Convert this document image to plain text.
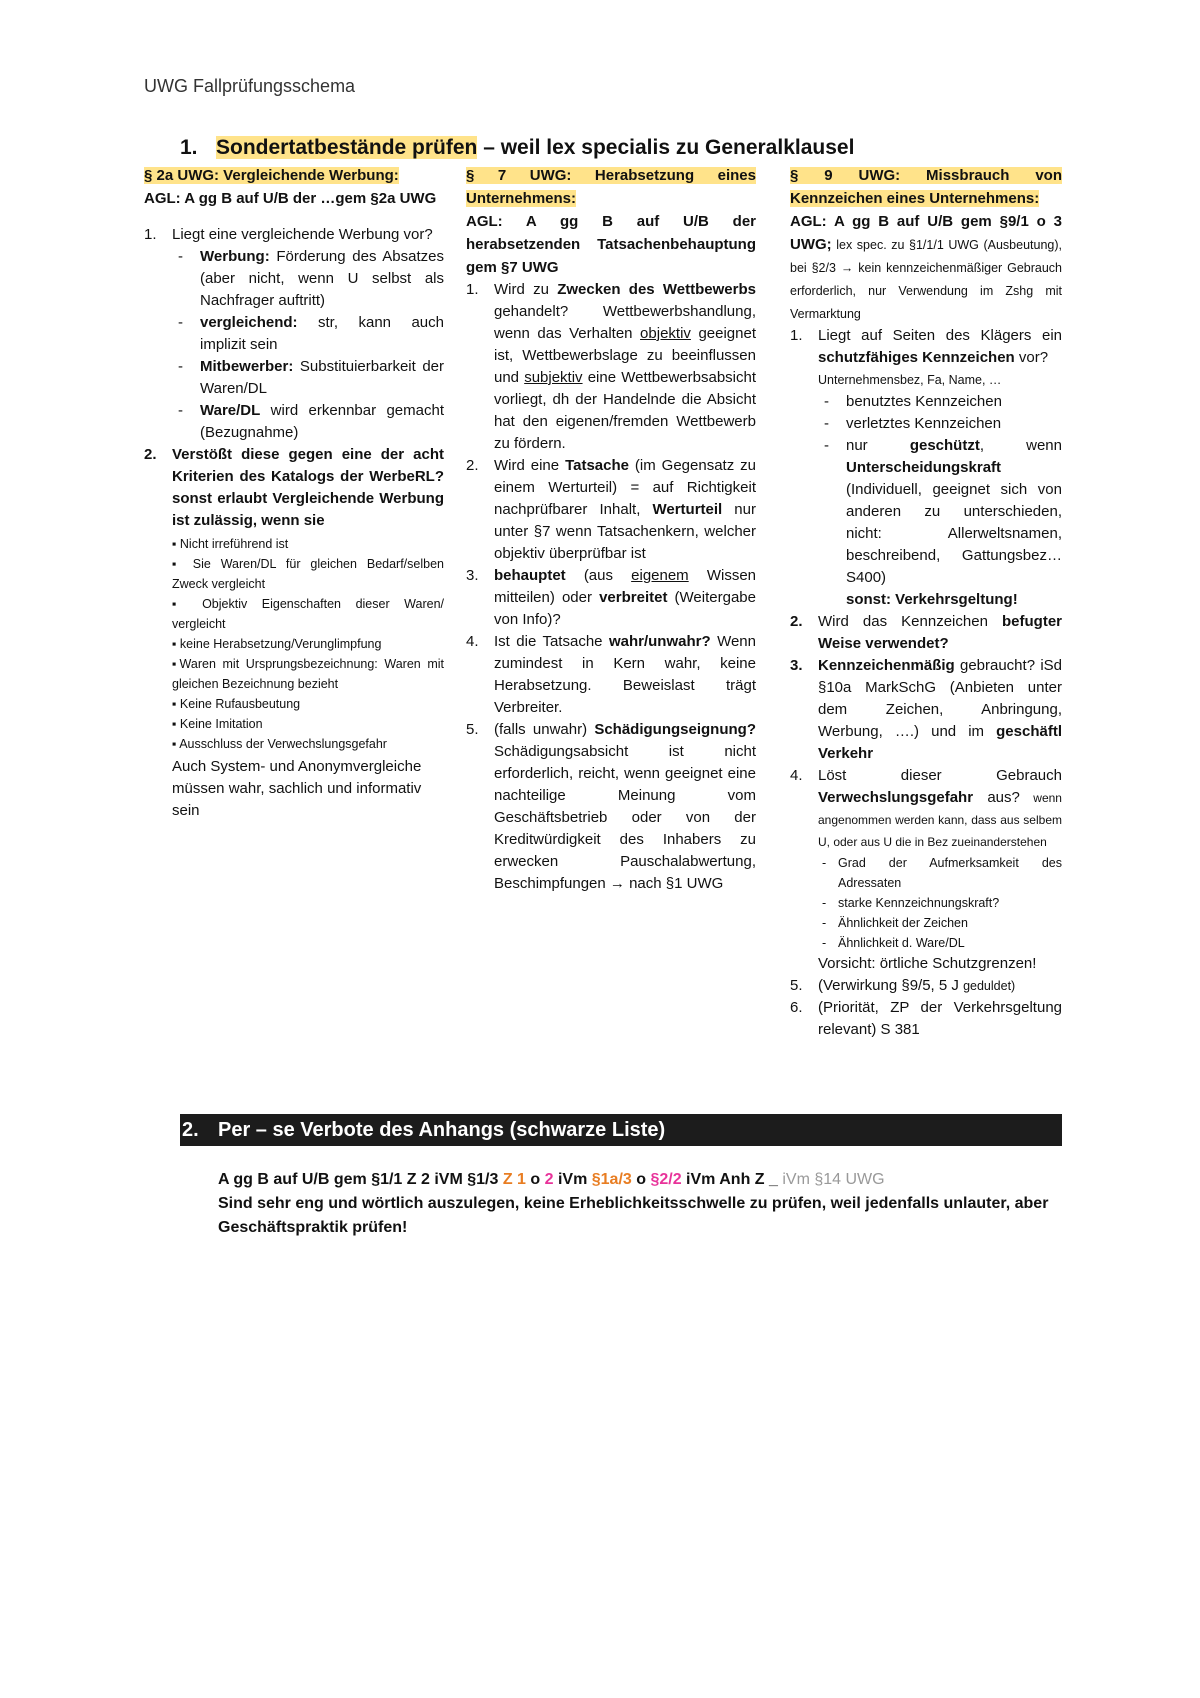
UWG Fallprüfungsschema
1. Sondertatbestände prüfen – weil lex specialis zu Generalklausel
§ 2a UWG: Vergleichende Werbung:
AGL: A gg B auf U/B der …gem §2a UWG
1. Liegt eine vergleichende Werbung vor?
- Werbung: Förderung des Absatzes (aber nicht, wenn U selbst als Nachfrager auftritt)
- vergleichend: str, kann auch implizit sein
- Mitbewerber: Substituierbarkeit der Waren/DL
- Ware/DL wird erkennbar gemacht (Bezugnahme)
2. Verstößt diese gegen eine der acht Kriterien des Katalogs der WerbeRL? sonst erlaubt Vergleichende Werbung ist zulässig, wenn sie
▪ Nicht irreführend ist
▪ Sie Waren/DL für gleichen Bedarf/selben Zweck vergleicht
▪ Objektiv Eigenschaften dieser Waren/ vergleicht
▪ keine Herabsetzung/Verunglimpfung
▪Waren mit Ursprungsbezeichnung: Waren mit gleichen Bezeichnung bezieht
▪ Keine Rufausbeutung
▪ Keine Imitation
▪ Ausschluss der Verwechslungsgefahr
Auch System- und Anonymvergleiche müssen wahr, sachlich und informativ sein
§ 7 UWG: Herabsetzung eines Unternehmens:
AGL: A gg B auf U/B der herabsetzenden Tatsachenbehauptung gem §7 UWG
1. Wird zu Zwecken des Wettbewerbs gehandelt? Wettbewerbshandlung, wenn das Verhalten objektiv geeignet ist, Wettbewerbslage zu beeinflussen und subjektiv eine Wettbewerbsabsicht vorliegt, dh der Handelnde die Absicht hat den eigenen/fremden Wettbewerb zu fördern.
2. Wird eine Tatsache (im Gegensatz zu einem Werturteil) = auf Richtigkeit nachprüfbarer Inhalt, Werturteil nur unter §7 wenn Tatsachenkern, welcher objektiv überprüfbar ist
3. behauptet (aus eigenem Wissen mitteilen) oder verbreitet (Weitergabe von Info)?
4. Ist die Tatsache wahr/unwahr? Wenn zumindest in Kern wahr, keine Herabsetzung. Beweislast trägt Verbreiter.
5. (falls unwahr) Schädigungseignung? Schädigungsabsicht ist nicht erforderlich, reicht, wenn geeignet eine nachteilige Meinung vom Geschäftsbetrieb oder von der Kreditwürdigkeit des Inhabers zu erwecken Pauschalabwertung, Beschimpfungen → nach §1 UWG
§ 9 UWG: Missbrauch von Kennzeichen eines Unternehmens:
AGL: A gg B auf U/B gem §9/1 o 3 UWG; lex spec. zu §1/1/1 UWG (Ausbeutung), bei §2/3 → kein kennzeichenmäßiger Gebrauch erforderlich, nur Verwendung im Zshg mit Vermarktung
1. Liegt auf Seiten des Klägers ein schutzfähiges Kennzeichen vor?
Unternehmensbez, Fa, Name, …
- benutztes Kennzeichen
- verletztes Kennzeichen
- nur geschützt, wenn Unterscheidungskraft (Individuell, geeignet sich von anderen zu unterschieden, nicht: Allerweltsnamen, beschreibend, Gattungsbez… S400)
sonst: Verkehrsgeltung!
2. Wird das Kennzeichen befugter Weise verwendet?
3. Kennzeichenmäßig gebraucht? iSd §10a MarkSchG (Anbieten unter dem Zeichen, Anbringung, Werbung, ….) und im geschäftl Verkehr
4. Löst dieser Gebrauch Verwechslungsgefahr aus? wenn angenommen werden kann, dass aus selbem U, oder aus U die in Bez zueinanderstehen
- Grad der Aufmerksamkeit des Adressaten
- starke Kennzeichnungskraft?
- Ähnlichkeit der Zeichen
- Ähnlichkeit d. Ware/DL
Vorsicht: örtliche Schutzgrenzen!
5. (Verwirkung §9/5, 5 J geduldet)
6. (Priorität, ZP der Verkehrsgeltung relevant) S 381
2. Per – se Verbote des Anhangs (schwarze Liste)
A gg B auf U/B gem §1/1 Z 2 iVM §1/3 Z 1 o 2 iVm §1a/3 o §2/2 iVm Anh Z _ iVm §14 UWG
Sind sehr eng und wörtlich auszulegen, keine Erheblichkeitsschwelle zu prüfen, weil jedenfalls unlauter, aber Geschäftspraktik prüfen!
